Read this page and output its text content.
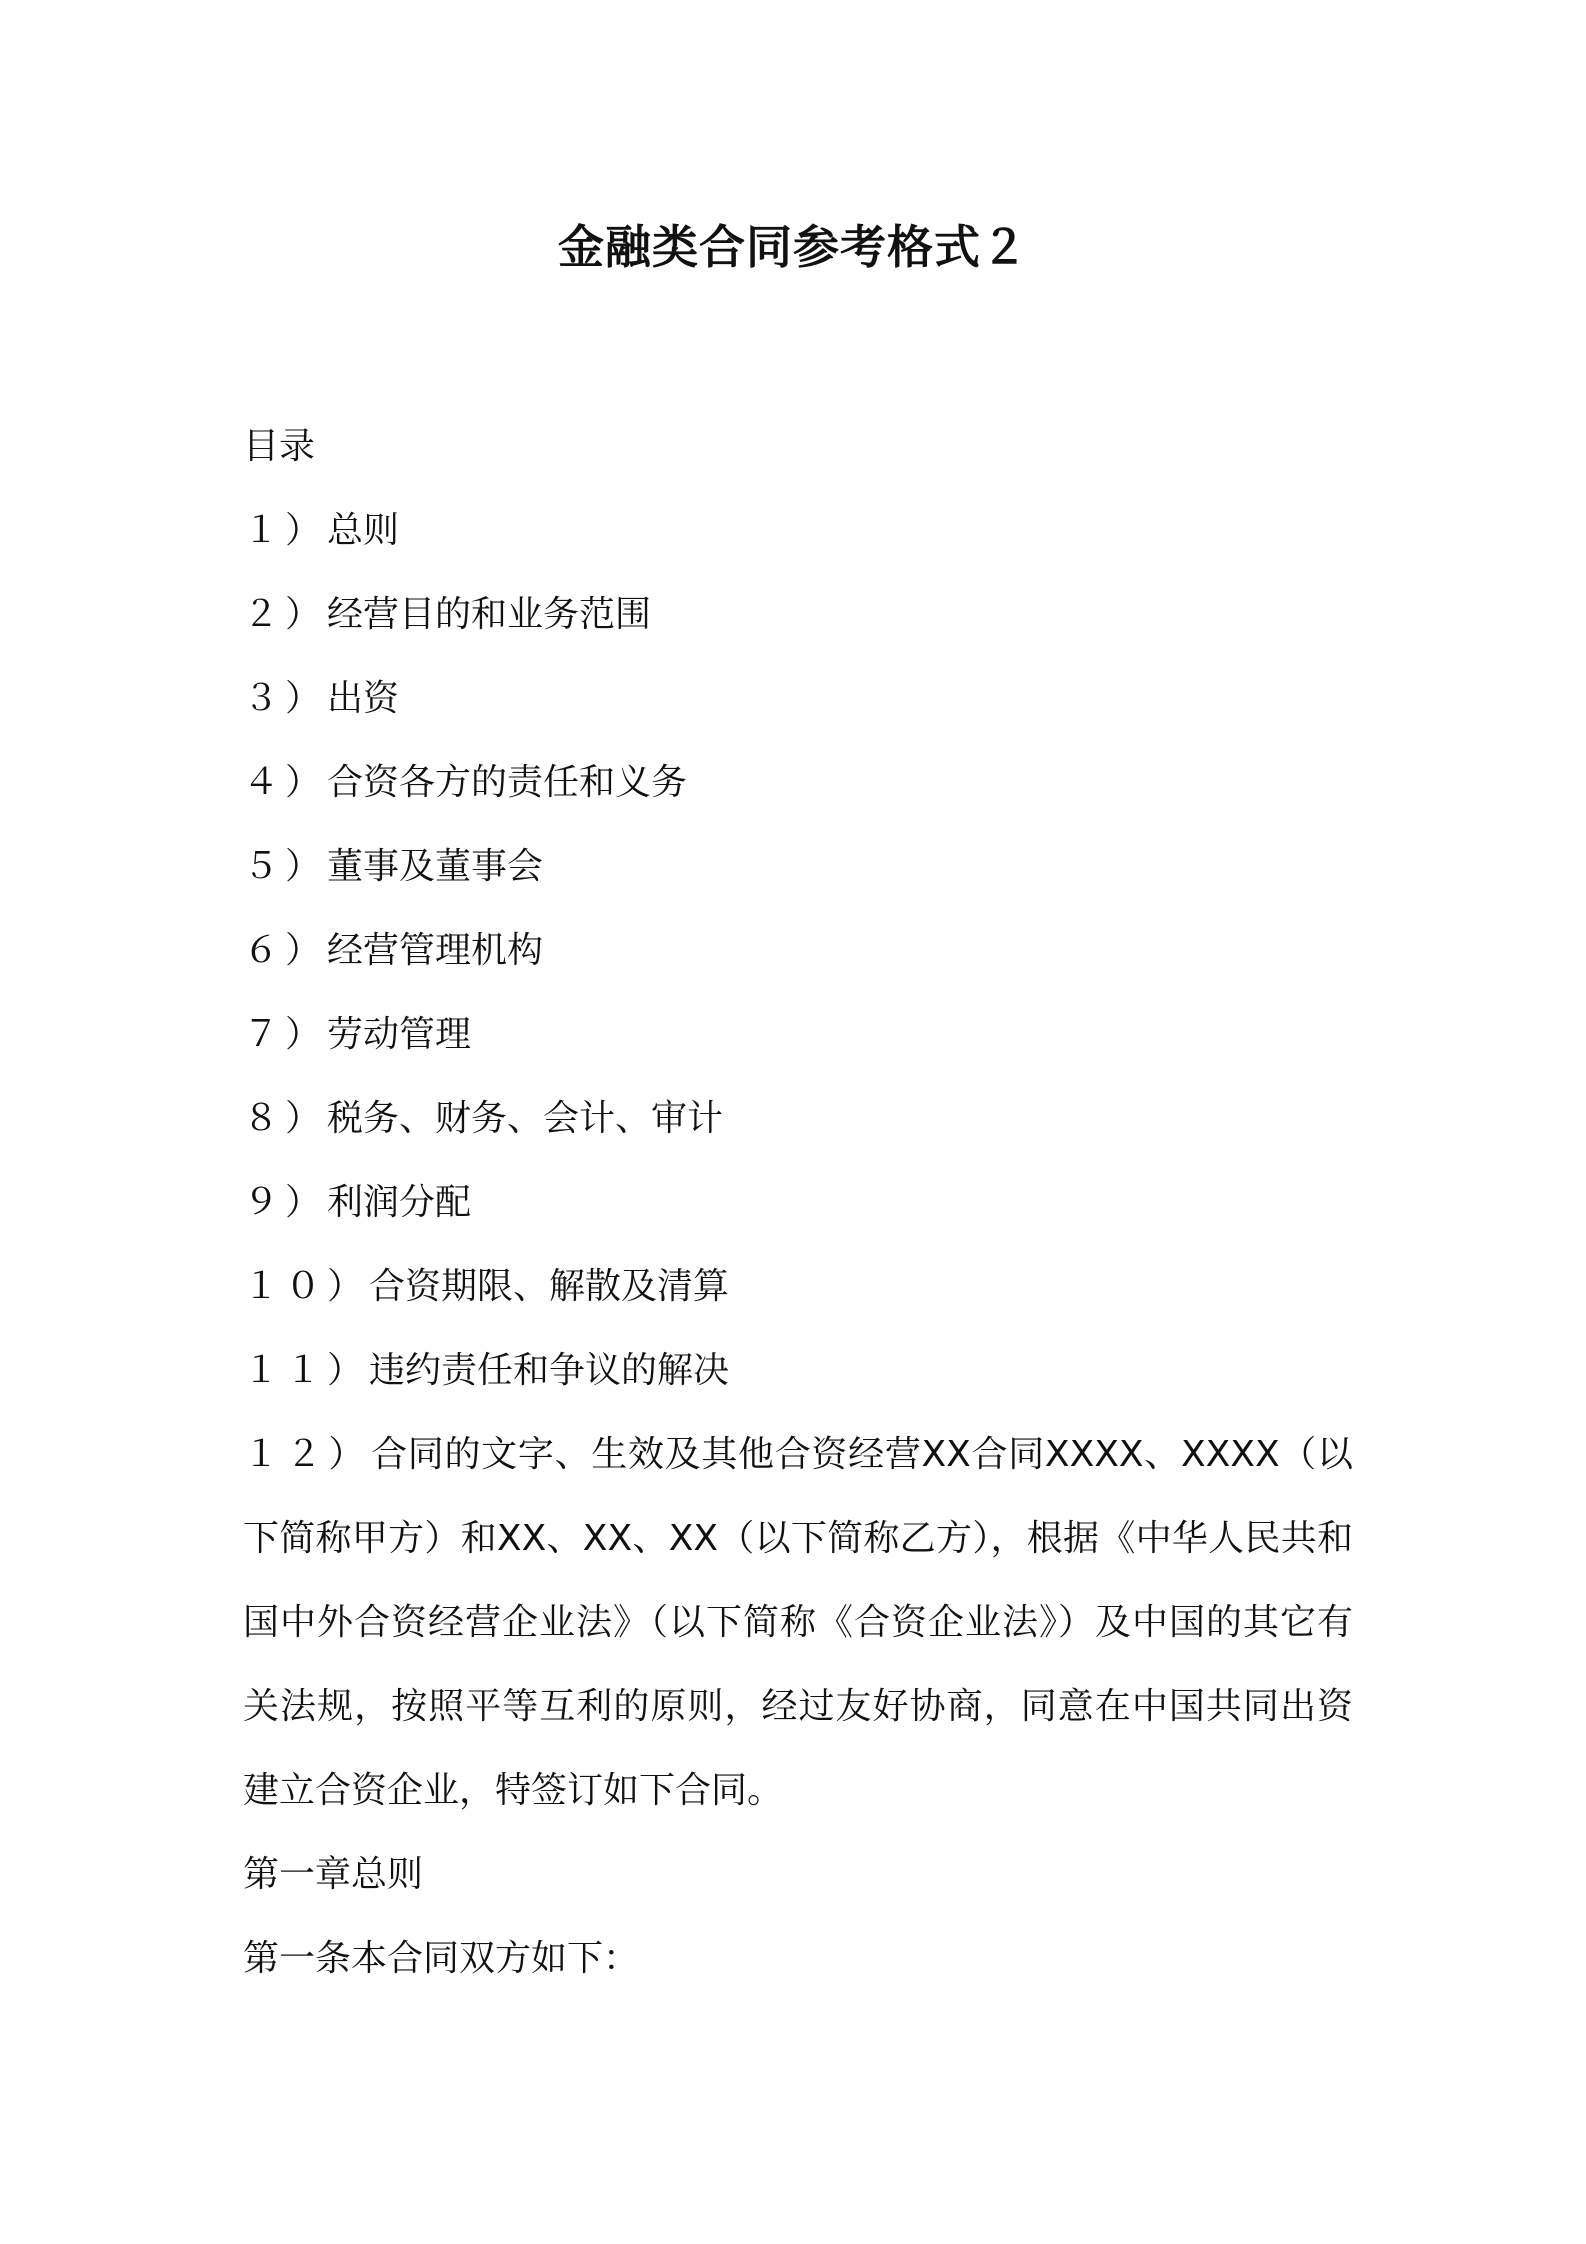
金融类合同参考格式２
目录
１）总则
２）经营目的和业务范围
３）出资
４）合资各方的责任和义务
５）董事及董事会
６）经营管理机构
７）劳动管理
８）税务、财务、会计、审计
９）利润分配
１０）合资期限、解散及清算
１１）违约责任和争议的解决
１２）合同的文字、生效及其他合资经营XX合同XXXX、XXXX（以下简称甲方）和XX、XX、XX（以下简称乙方），根据《中华人民共和国中外合资经营企业法》（以下简称《合资企业法》）及中国的其它有关法规，按照平等互利的原则，经过友好协商，同意在中国共同出资建立合资企业，特签订如下合同。
第一章总则
第一条本合同双方如下：
